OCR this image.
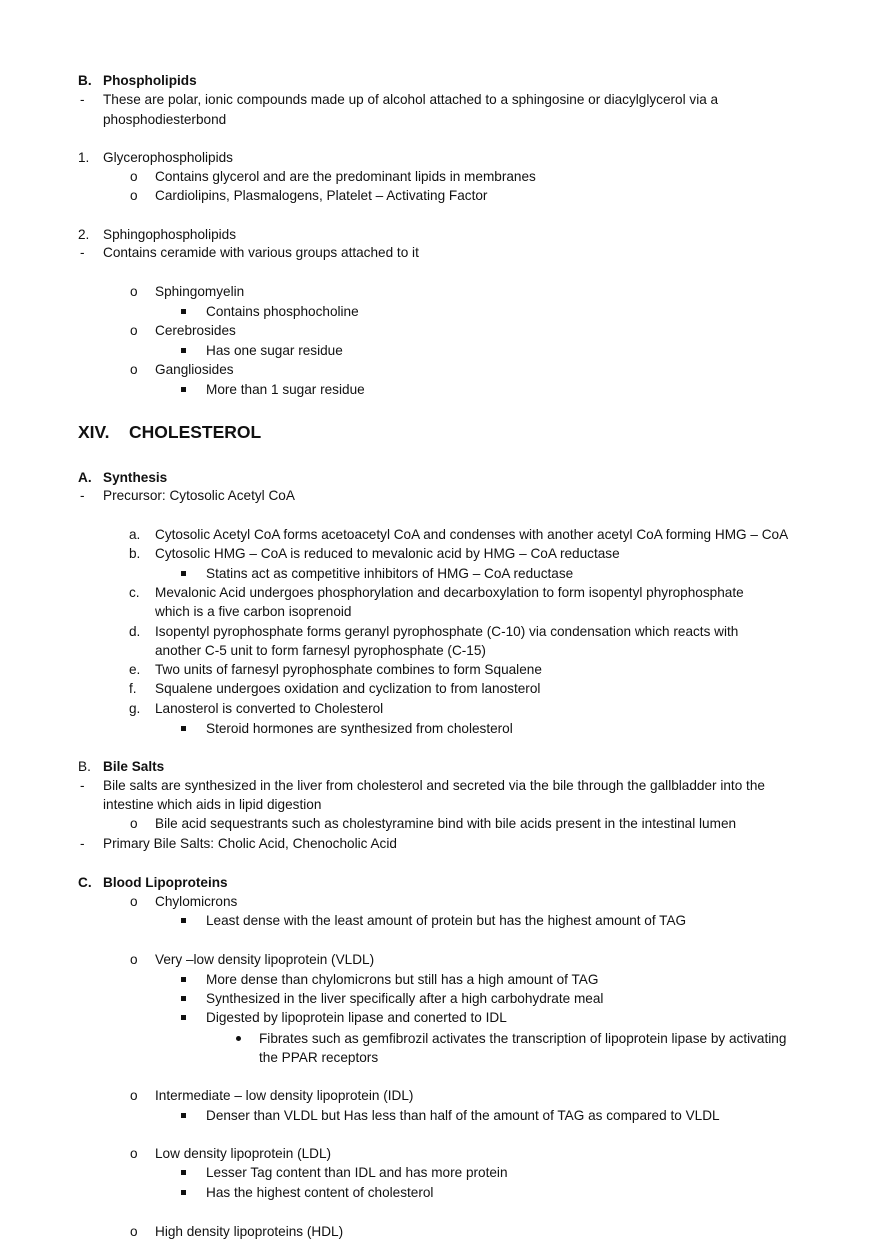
B. Phospholipids
- These are polar, ionic compounds made up of alcohol attached to a sphingosine or diacylglycerol via a
phosphodiesterbond
1. Glycerophospholipids
o Contains glycerol and are the predominant lipids in membranes
o Cardiolipins, Plasmalogens, Platelet – Activating Factor
2. Sphingophospholipids
- Contains ceramide with various groups attached to it
o Sphingomyelin
Contains phosphocholine
o Cerebrosides
Has one sugar residue
o Gangliosides
More than 1 sugar residue
XIV. CHOLESTEROL
A. Synthesis
- Precursor: Cytosolic Acetyl CoA
a. Cytosolic Acetyl CoA forms acetoacetyl CoA and condenses with another acetyl CoA forming HMG – CoA
b. Cytosolic HMG – CoA is reduced to mevalonic acid by HMG – CoA reductase
Statins act as competitive inhibitors of HMG – CoA reductase
c. Mevalonic Acid undergoes phosphorylation and decarboxylation to form isopentyl phyrophosphate
which is a five carbon isoprenoid
d. Isopentyl pyrophosphate forms geranyl pyrophosphate (C-10) via condensation which reacts with
another C-5 unit to form farnesyl pyrophosphate (C-15)
e. Two units of farnesyl pyrophosphate combines to form Squalene
f. Squalene undergoes oxidation and cyclization to from lanosterol
g. Lanosterol is converted to Cholesterol
Steroid hormones are synthesized from cholesterol
B. Bile Salts
- Bile salts are synthesized in the liver from cholesterol and secreted via the bile through the gallbladder into the
intestine which aids in lipid digestion
o Bile acid sequestrants such as cholestyramine bind with bile acids present in the intestinal lumen
- Primary Bile Salts: Cholic Acid, Chenocholic Acid
C. Blood Lipoproteins
o Chylomicrons
Least dense with the least amount of protein but has the highest amount of TAG
o Very –low density lipoprotein (VLDL)
More dense than chylomicrons but still has a high amount of TAG
Synthesized in the liver specifically after a high carbohydrate meal
Digested by lipoprotein lipase and conerted to IDL
Fibrates such as gemfibrozil activates the transcription of lipoprotein lipase by activating
the PPAR receptors
o Intermediate – low density lipoprotein (IDL)
Denser than VLDL but Has less than half of the amount of TAG as compared to VLDL
o Low density lipoprotein (LDL)
Lesser Tag content than IDL and has more protein
Has the highest content of cholesterol
o High density lipoproteins (HDL)
